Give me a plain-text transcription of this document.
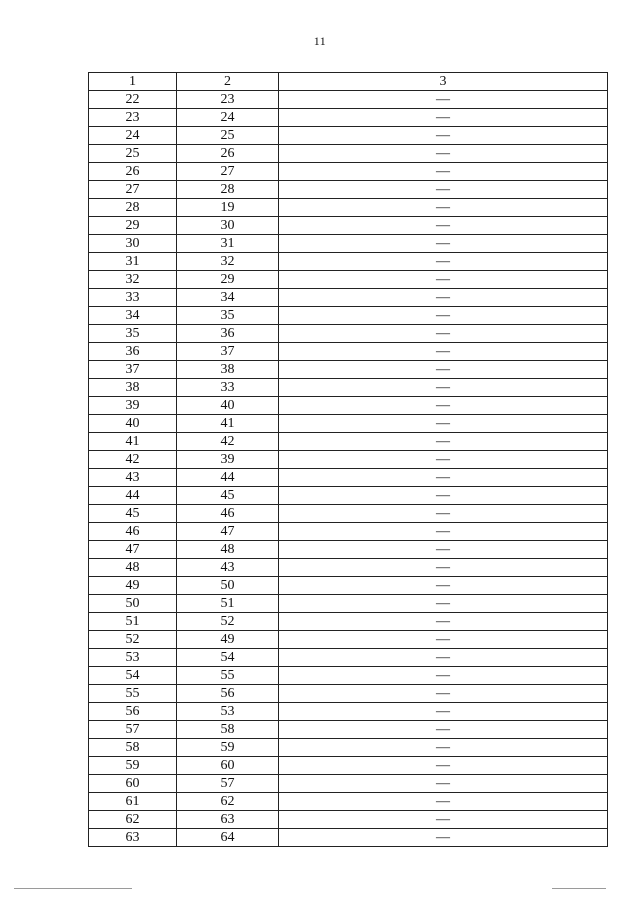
11
1	2	3
22	23	—
23	24	—
24	25	—
25	26	—
26	27	—
27	28	—
28	19	—
29	30	—
30	31	—
31	32	—
32	29	—
33	34	—
34	35	—
35	36	—
36	37	—
37	38	—
38	33	—
39	40	—
40	41	—
41	42	—
42	39	—
43	44	—
44	45	—
45	46	—
46	47	—
47	48	—
48	43	—
49	50	—
50	51	—
51	52	—
52	49	—
53	54	—
54	55	—
55	56	—
56	53	—
57	58	—
58	59	—
59	60	—
60	57	—
61	62	—
62	63	—
63	64	—
